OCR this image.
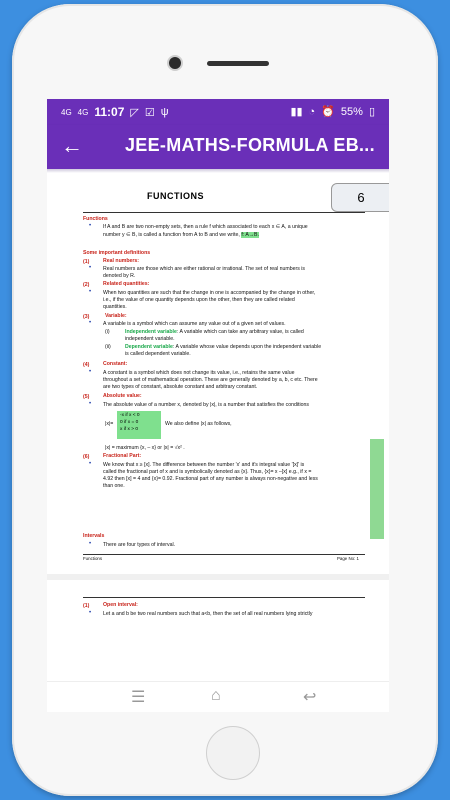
4G 4G 11:07 ◸ ☑ ψ	▮▮ ◔ ⏰ 55% ▯
← JEE-MATHS-FORMULA EB...
FUNCTIONS	6
Functions
• If A and B are two non-empty sets, then a rule f which associated to each x ∈ A, a unique
number y ∈ B, is called a function from A to B and we write, f: A→B.
Some important definitions
(1)	Real numbers:
• Real numbers are those which are either rational or irrational. The set of real numbers is
denoted by R.
(2)	Related quantities:
• When two quantities are such that the change in one is accompanied by the change in other,
i.e., if the value of one quantity depends upon the other, then they are called related
quantities.
(3)	Variable:
• A variable is a symbol which can assume any value out of a given set of values.
(i)	Independent variable: A variable which can take any arbitrary value, is called
independent variable.
(ii)	Dependent variable: A variable whose value depends upon the independent variable
is called dependent variable.
(4)	Constant:
• A constant is a symbol which does not change its value, i.e., retains the same value
throughout a set of mathematical operation. These are generally denoted by a, b, c etc. There
are two types of constant, absolute constant and arbitrary constant.
(5)	Absolute value:
• The absolute value of a number x, denoted by |x|, is a number that satisfies the conditions
|x|=
-x if x < 0
0 if x = 0
x if x > 0
We also define |x| as follows,
|x| = maximum {x, – x} or |x| = √x² .
(6)	Fractional Part:
• We know that x ≥ [x]. The difference between the number 'x' and it's integral value '[x]' is
called the fractional part of x and is symbolically denoted as {x}. Thus, {x}= x –[x] e.g., if x =
4.92 then [x] = 4 and {x}= 0.92. Fractional part of any number is always non-negative and less
than one.
Intervals
• There are four types of interval.
Functions	Page No: 1
(1)	Open interval:
• Let a and b be two real numbers such that a<b, then the set of all real numbers lying strictly
☰	⌂	↩
